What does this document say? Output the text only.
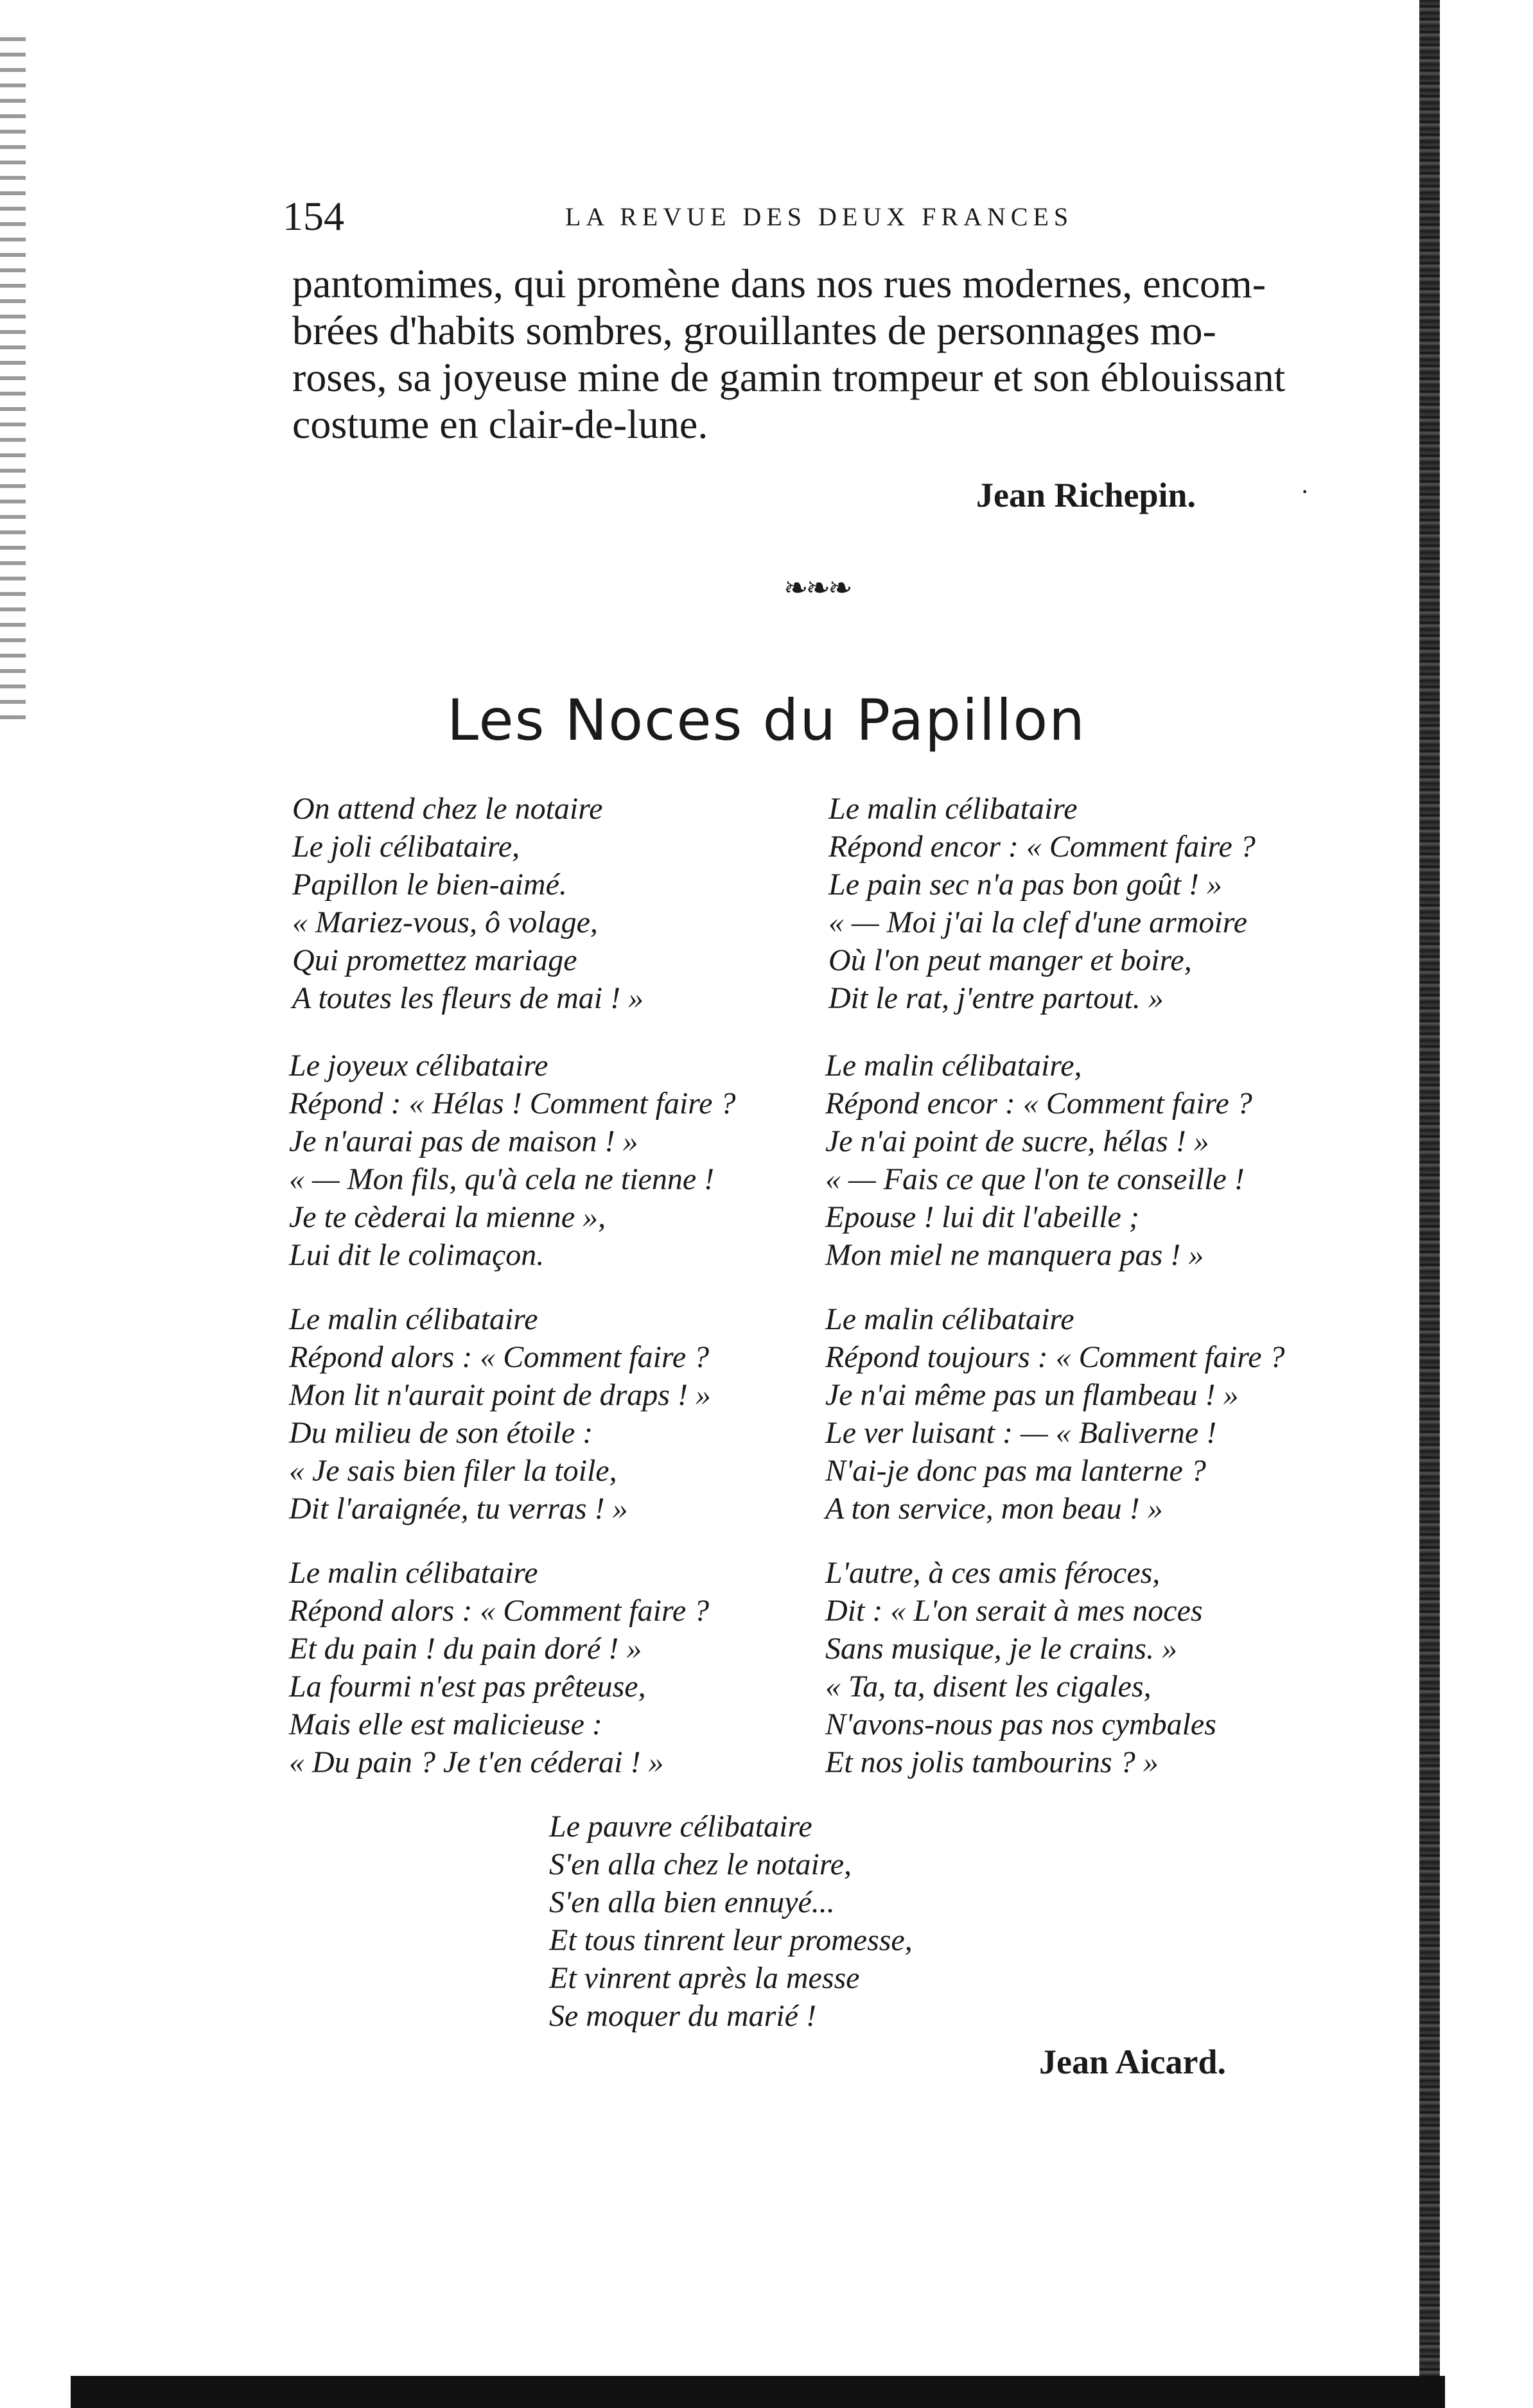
154	LA REVUE DES DEUX FRANCES
pantomimes, qui promène dans nos rues modernes, encom-
brées d'habits sombres, grouillantes de personnages mo-
roses, sa joyeuse mine de gamin trompeur et son éblouissant
costume en clair-de-lune.
Jean Richepin.	·
❧❧❧
Les Noces du Papillon
On attend chez le notaire
Le joli célibataire,
Papillon le bien-aimé.
« Mariez-vous, ô volage,
Qui promettez mariage
A toutes les fleurs de mai ! »
Le joyeux célibataire
Répond : « Hélas ! Comment faire ?
Je n'aurai pas de maison ! »
« — Mon fils, qu'à cela ne tienne !
Je te cèderai la mienne »,
Lui dit le colimaçon.
Le malin célibataire
Répond alors : « Comment faire ?
Mon lit n'aurait point de draps ! »
Du milieu de son étoile :
« Je sais bien filer la toile,
Dit l'araignée, tu verras ! »
Le malin célibataire
Répond alors : « Comment faire ?
Et du pain ! du pain doré ! »
La fourmi n'est pas prêteuse,
Mais elle est malicieuse :
« Du pain ? Je t'en céderai ! »
Le malin célibataire
Répond encor : « Comment faire ?
Le pain sec n'a pas bon goût ! »
« — Moi j'ai la clef d'une armoire
Où l'on peut manger et boire,
Dit le rat, j'entre partout. »
Le malin célibataire,
Répond encor : « Comment faire ?
Je n'ai point de sucre, hélas ! »
« — Fais ce que l'on te conseille !
Epouse ! lui dit l'abeille ;
Mon miel ne manquera pas ! »
Le malin célibataire
Répond toujours : « Comment faire ?
Je n'ai même pas un flambeau ! »
Le ver luisant : — « Baliverne !
N'ai-je donc pas ma lanterne ?
A ton service, mon beau ! »
L'autre, à ces amis féroces,
Dit : « L'on serait à mes noces
Sans musique, je le crains. »
« Ta, ta, disent les cigales,
N'avons-nous pas nos cymbales
Et nos jolis tambourins ? »
Le pauvre célibataire
S'en alla chez le notaire,
S'en alla bien ennuyé...
Et tous tinrent leur promesse,
Et vinrent après la messe
Se moquer du marié !
Jean Aicard.
